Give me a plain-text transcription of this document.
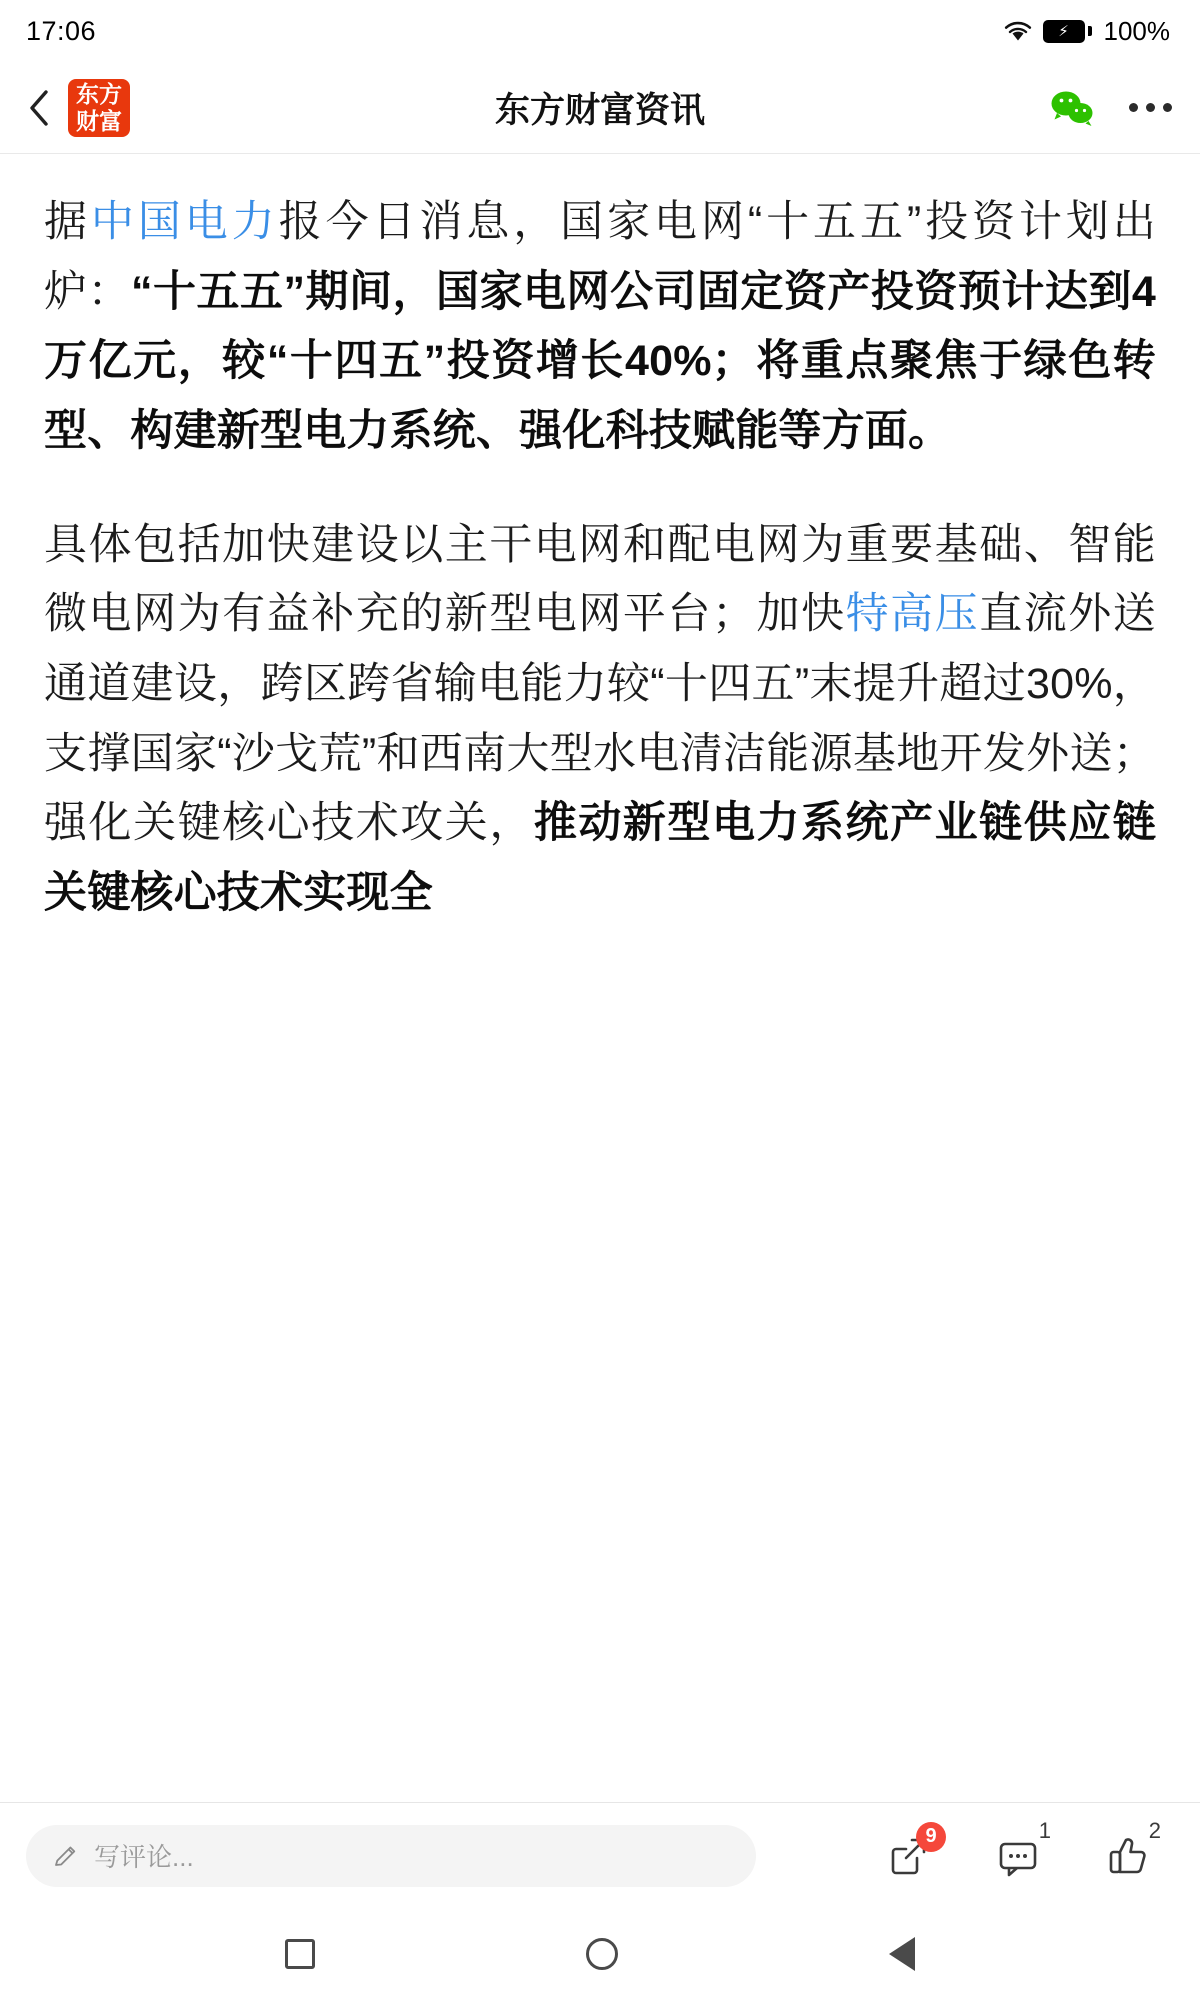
17:06	⚡ 100%
东方
财富	东方财富资讯

据中国电力报今日消息，国家电网“十五五”投资计划出炉：“十五五”期间，国家电网公司固定资产投资预计达到4万亿元，较“十四五”投资增长40%；将重点聚焦于绿色转型、构建新型电力系统、强化科技赋能等方面。

具体包括加快建设以主干电网和配电网为重要基础、智能微电网为有益补充的新型电网平台；加快特高压直流外送通道建设，跨区跨省输电能力较“十四五”末提升超过30%，支撑国家“沙戈荒”和西南大型水电清洁能源基地开发外送；强化关键核心技术攻关，推动新型电力系统产业链供应链关键核心技术实现全

写评论...
9	1	2
